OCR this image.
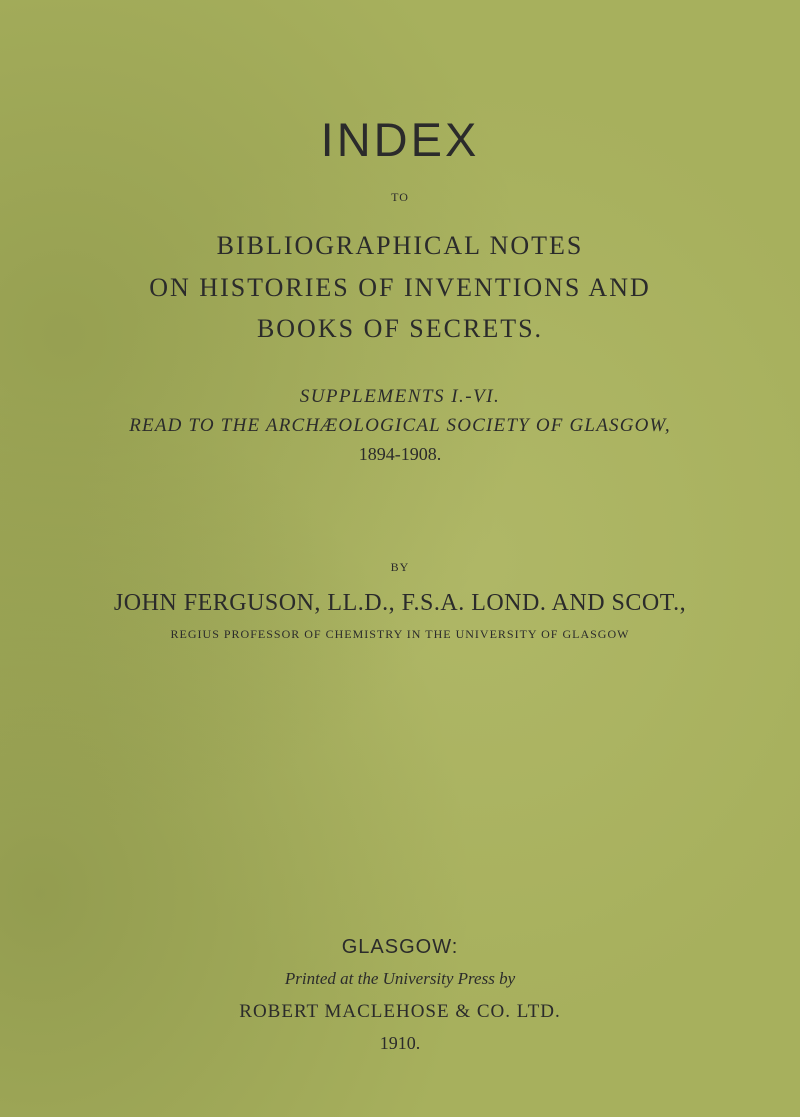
INDEX

TO

BIBLIOGRAPHICAL NOTES
ON HISTORIES OF INVENTIONS AND
BOOKS OF SECRETS.

SUPPLEMENTS I.-VI.

READ TO THE ARCHÆOLOGICAL SOCIETY OF GLASGOW,

1894-1908.

BY

JOHN FERGUSON, LL.D., F.S.A. LOND. AND SCOT.,

REGIUS PROFESSOR OF CHEMISTRY IN THE UNIVERSITY OF GLASGOW

GLASGOW:

Printed at the University Press by

ROBERT MACLEHOSE & CO. LTD.

1910.
